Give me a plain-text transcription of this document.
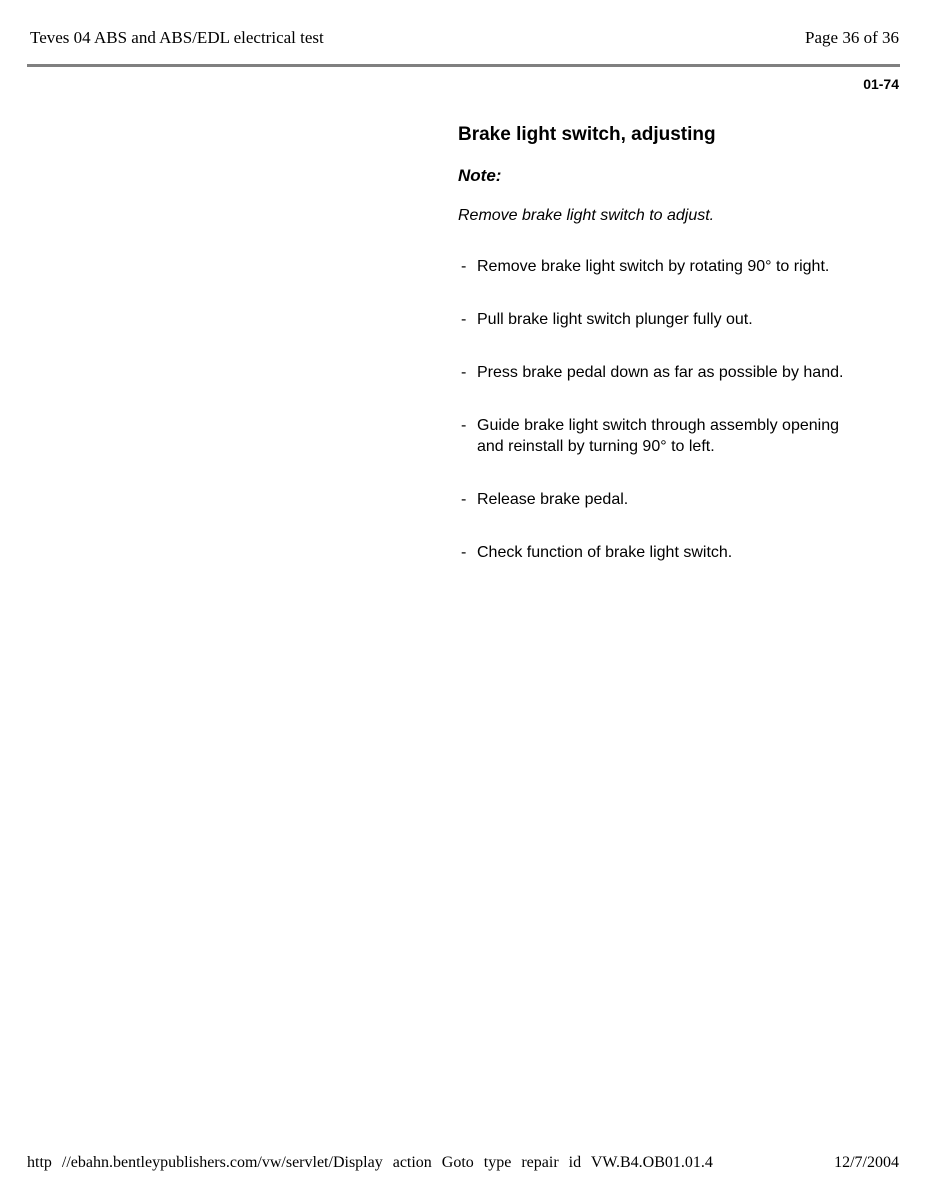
Teves 04 ABS and ABS/EDL electrical test	Page 36 of 36
01-74
Brake light switch, adjusting
Note:
Remove brake light switch to adjust.
- Remove brake light switch by rotating 90° to right.
- Pull brake light switch plunger fully out.
- Press brake pedal down as far as possible by hand.
- Guide brake light switch through assembly opening and reinstall by turning 90° to left.
- Release brake pedal.
- Check function of brake light switch.
http //ebahn.bentleypublishers.com/vw/servlet/Display action Goto type repair id VW.B4.OB01.01.4	12/7/2004
